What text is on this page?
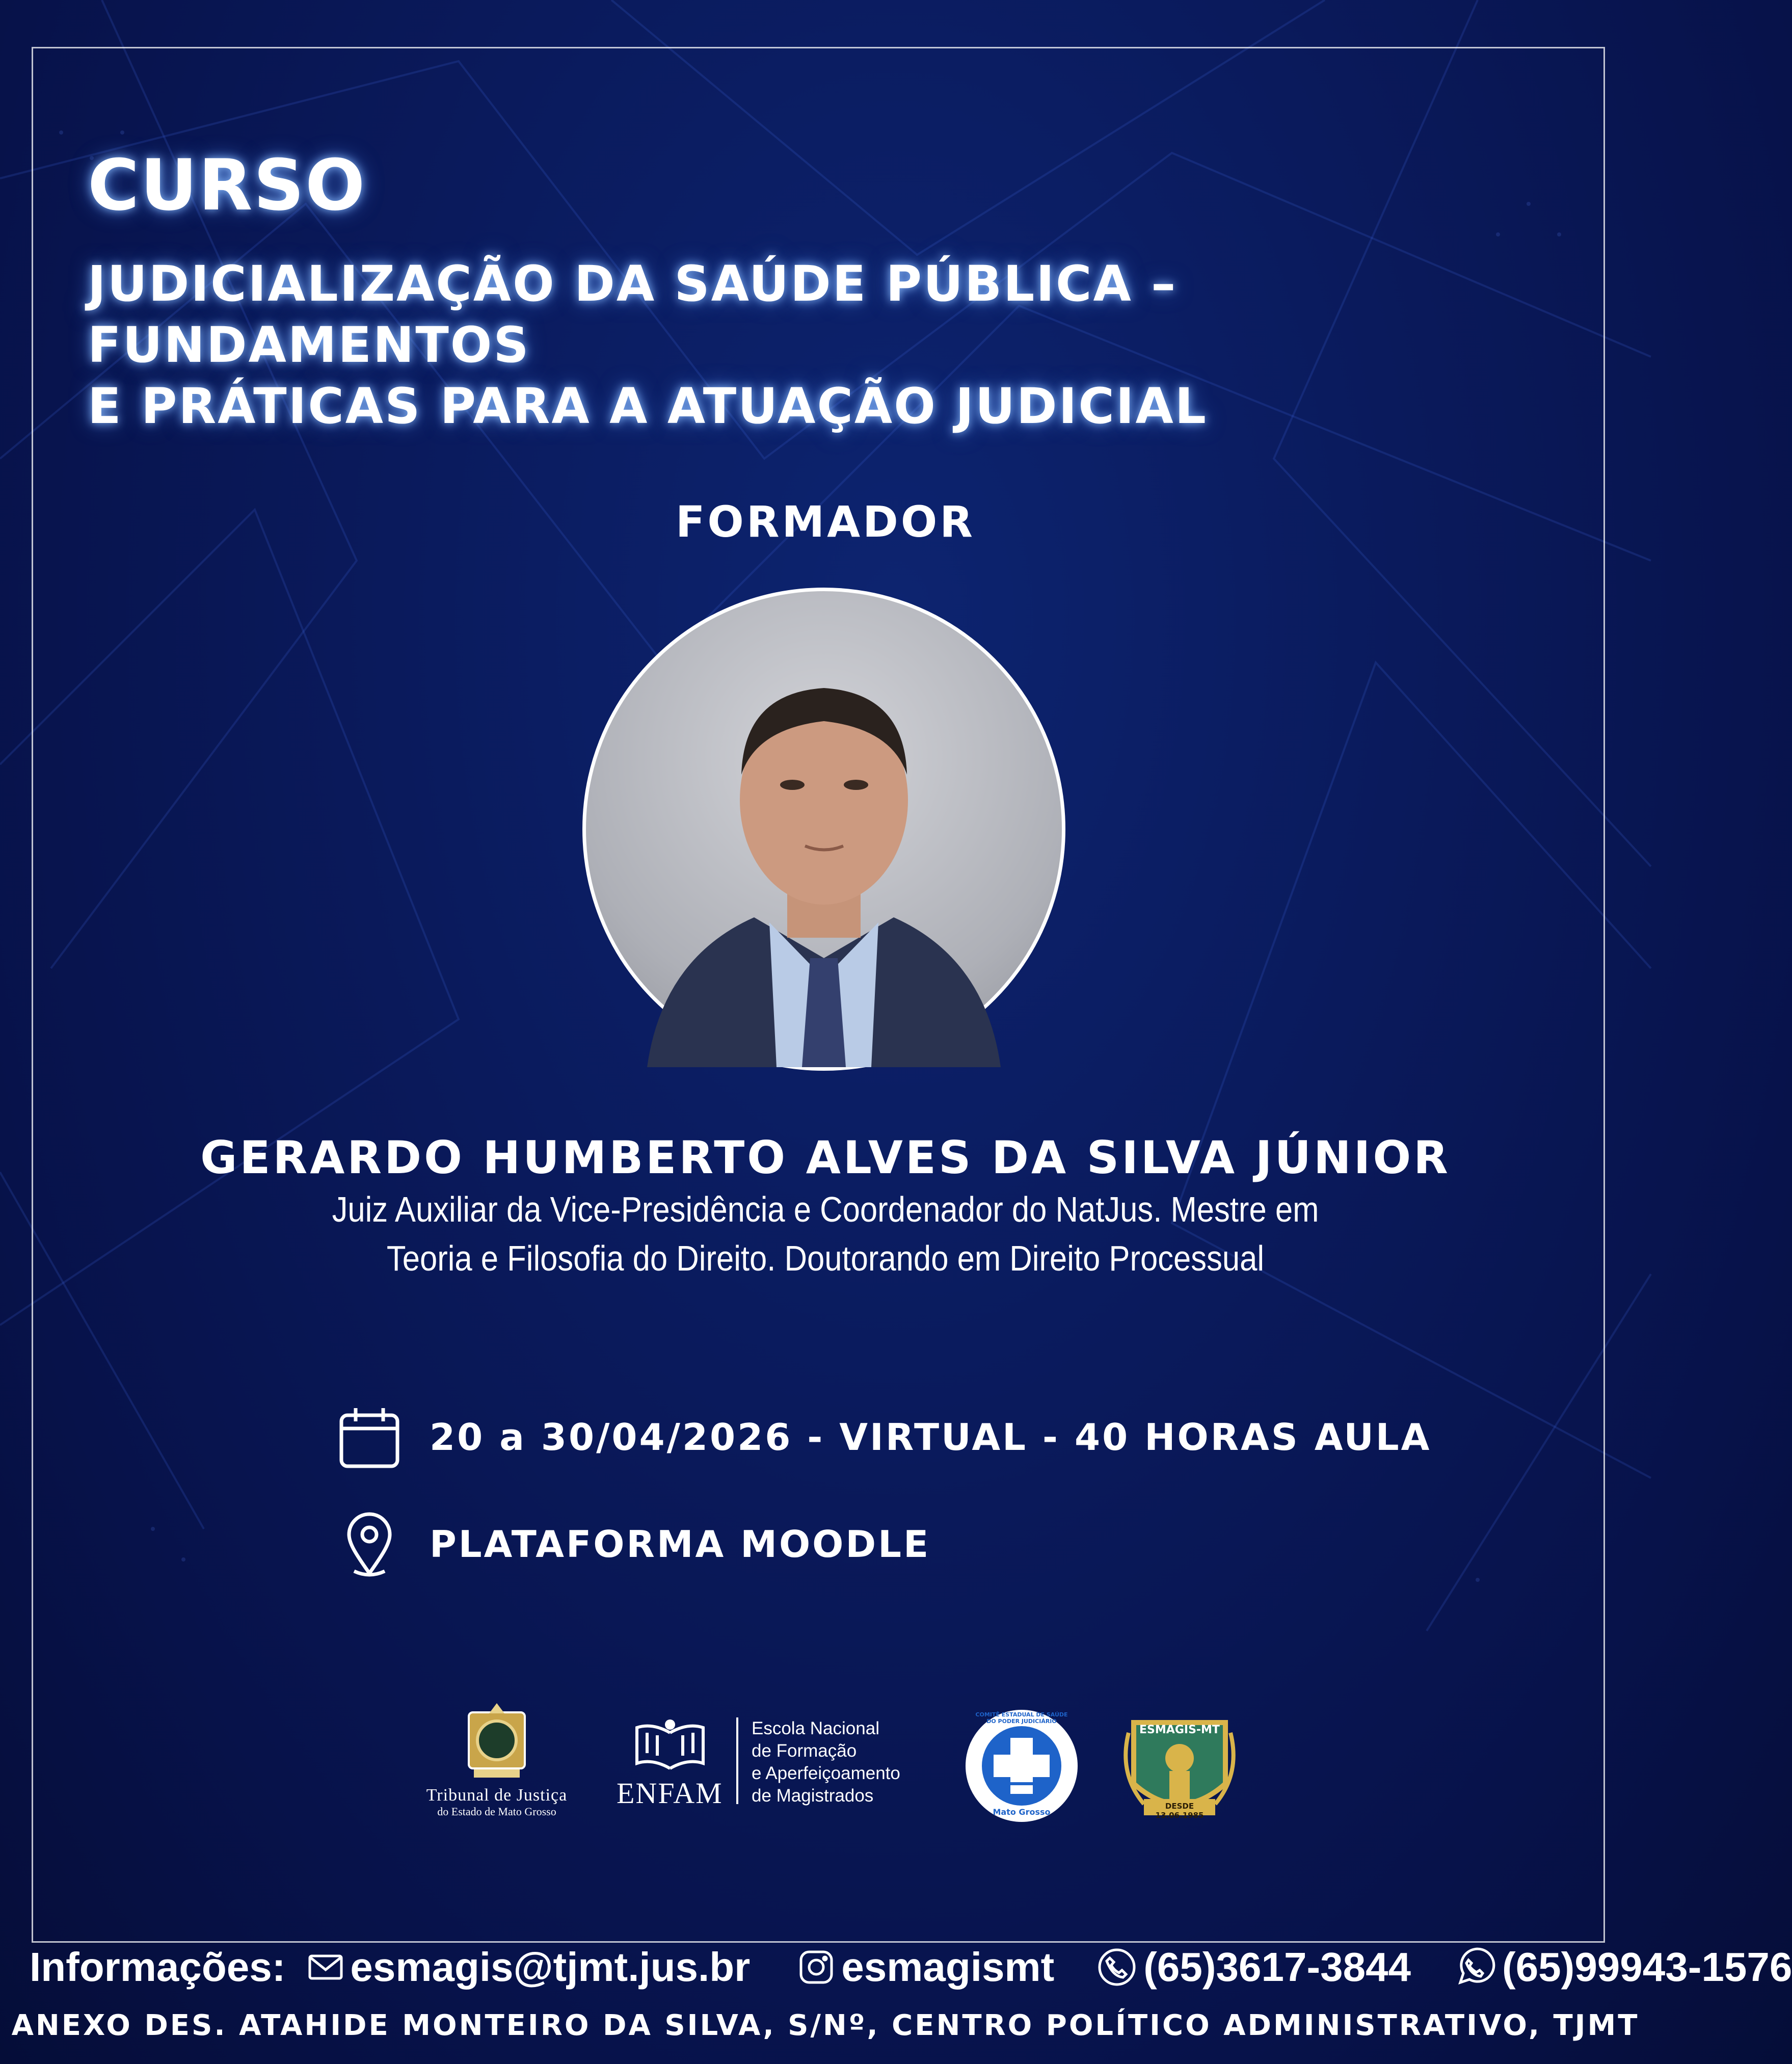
CURSO
JUDICIALIZAÇÃO DA SAÚDE PÚBLICA – FUNDAMENTOS
E PRÁTICAS PARA A ATUAÇÃO JUDICIAL
FORMADOR
GERARDO HUMBERTO ALVES DA SILVA JÚNIOR
Juiz Auxiliar da Vice-Presidência e Coordenador do NatJus. Mestre em
Teoria e Filosofia do Direito. Doutorando em Direito Processual
20 a 30/04/2026 - VIRTUAL - 40 HORAS AULA
PLATAFORMA MOODLE
Tribunal de Justiça
do Estado de Mato Grosso
ENFAM
Escola Nacional
de Formação
e Aperfeiçoamento
de Magistrados
COMITÊ ESTADUAL DE SAÚDE DO PODER JUDICIÁRIO
Mato Grosso
ESMAGIS-MT
DESDE 13.06.1985
Informações: esmagis@tjmt.jus.br esmagismt (65)3617-3844 (65)99943-1576
ANEXO DES. ATAHIDE MONTEIRO DA SILVA, S/Nº, CENTRO POLÍTICO ADMINISTRATIVO, TJMT
